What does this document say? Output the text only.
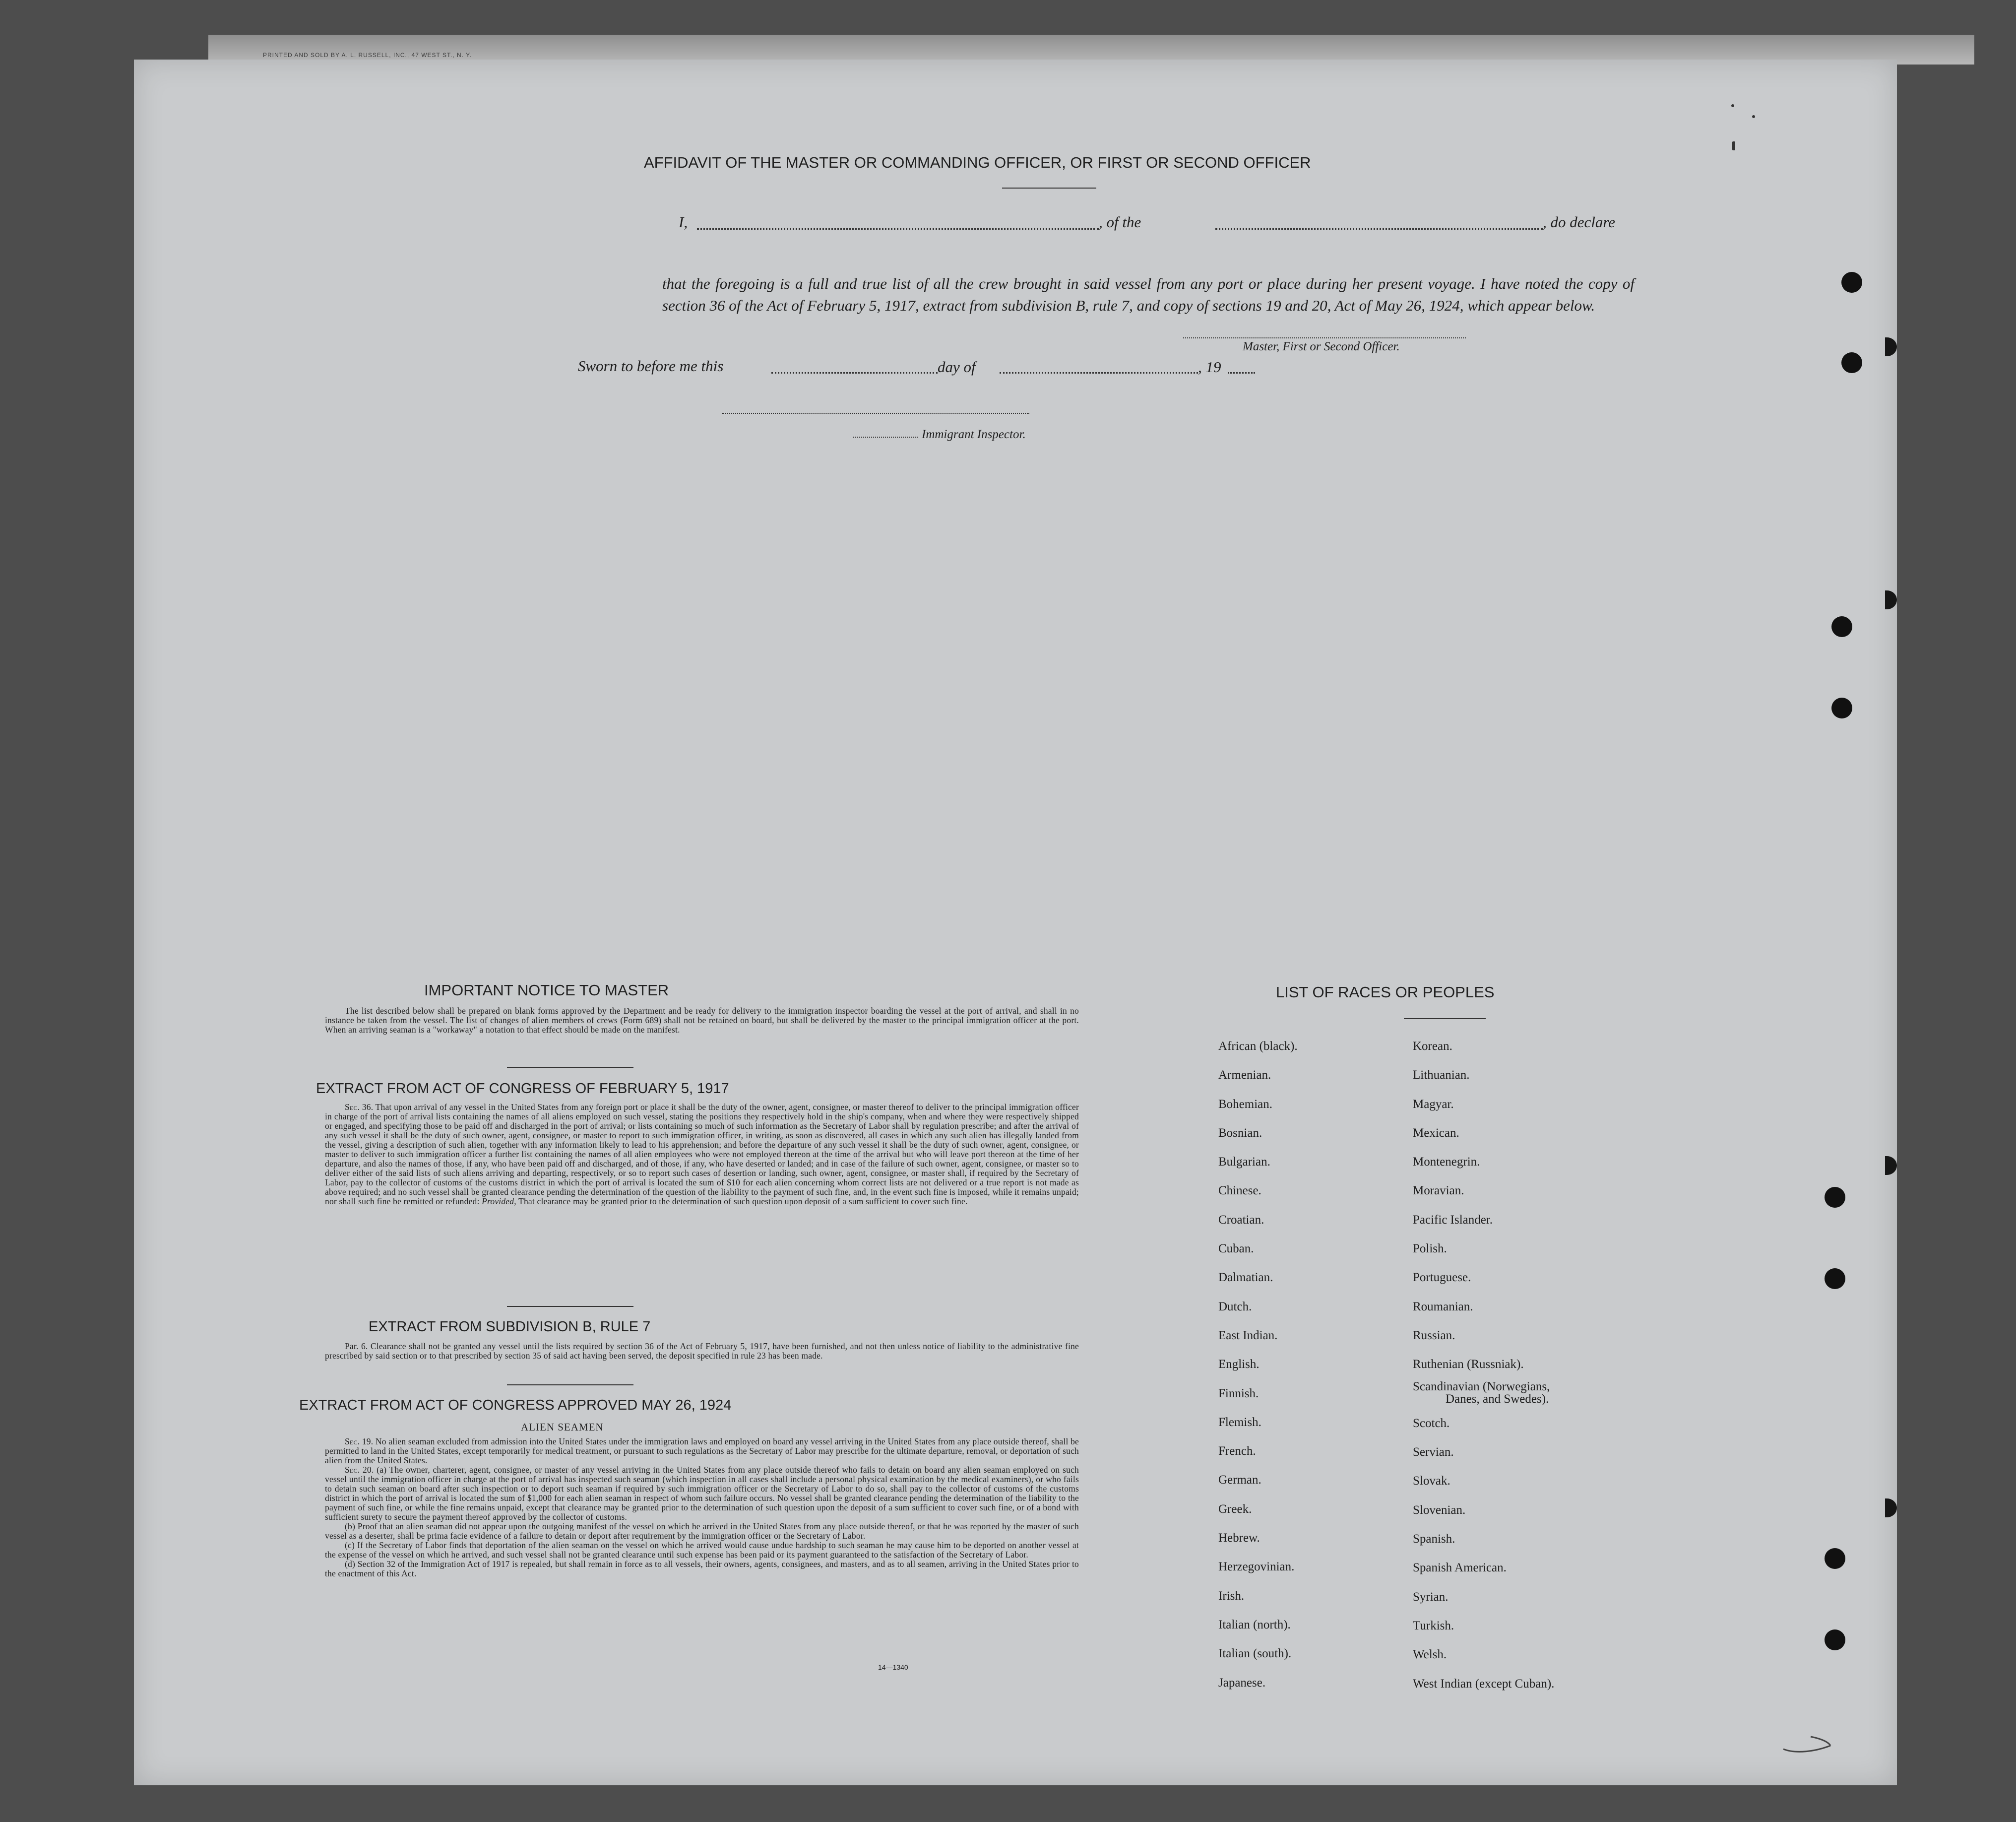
PRINTED AND SOLD BY A. L. RUSSELL, INC., 47 WEST ST., N. Y.
AFFIDAVIT OF THE MASTER OR COMMANDING OFFICER, OR FIRST OR SECOND OFFICER
I,	, of the	, do declare
that the foregoing is a full and true list of all the crew brought in said vessel from any port or place during her present voyage. I have noted the copy of section 36 of the Act of February 5, 1917, extract from subdivision B, rule 7, and copy of sections 19 and 20, Act of May 26, 1924, which appear below.
Master, First or Second Officer.
Sworn to before me this	day of	, 19
Immigrant Inspector.
IMPORTANT NOTICE TO MASTER

The list described below shall be prepared on blank forms approved by the Department and be ready for delivery to the immigration inspector boarding the vessel at the port of arrival, and shall in no instance be taken from the vessel. The list of changes of alien members of crews (Form 689) shall not be retained on board, but shall be delivered by the master to the principal immigration officer at the port. When an arriving seaman is a "workaway" a notation to that effect should be made on the manifest.

EXTRACT FROM ACT OF CONGRESS OF FEBRUARY 5, 1917

Sec. 36. That upon arrival of any vessel in the United States from any foreign port or place it shall be the duty of the owner, agent, consignee, or master thereof to deliver to the principal immigration officer in charge of the port of arrival lists containing the names of all aliens employed on such vessel, stating the positions they respectively hold in the ship's company, when and where they were respectively shipped or engaged, and specifying those to be paid off and discharged in the port of arrival; or lists containing so much of such information as the Secretary of Labor shall by regulation prescribe; and after the arrival of any such vessel it shall be the duty of such owner, agent, consignee, or master to report to such immigration officer, in writing, as soon as discovered, all cases in which any such alien has illegally landed from the vessel, giving a description of such alien, together with any information likely to lead to his apprehension; and before the departure of any such vessel it shall be the duty of such owner, agent, consignee, or master to deliver to such immigration officer a further list containing the names of all alien employees who were not employed thereon at the time of the arrival but who will leave port thereon at the time of her departure, and also the names of those, if any, who have been paid off and discharged, and of those, if any, who have deserted or landed; and in case of the failure of such owner, agent, consignee, or master so to deliver either of the said lists of such aliens arriving and departing, respectively, or so to report such cases of desertion or landing, such owner, agent, consignee, or master shall, if required by the Secretary of Labor, pay to the collector of customs of the customs district in which the port of arrival is located the sum of $10 for each alien concerning whom correct lists are not delivered or a true report is not made as above required; and no such vessel shall be granted clearance pending the determination of the question of the liability to the payment of such fine, and, in the event such fine is imposed, while it remains unpaid; nor shall such fine be remitted or refunded: Provided, That clearance may be granted prior to the determination of such question upon deposit of a sum sufficient to cover such fine.

EXTRACT FROM SUBDIVISION B, RULE 7

Par. 6. Clearance shall not be granted any vessel until the lists required by section 36 of the Act of February 5, 1917, have been furnished, and not then unless notice of liability to the administrative fine prescribed by said section or to that prescribed by section 35 of said act having been served, the deposit specified in rule 23 has been made.

EXTRACT FROM ACT OF CONGRESS APPROVED MAY 26, 1924
ALIEN SEAMEN

Sec. 19. No alien seaman excluded from admission into the United States under the immigration laws and employed on board any vessel arriving in the United States from any place outside thereof, shall be permitted to land in the United States, except temporarily for medical treatment, or pursuant to such regulations as the Secretary of Labor may prescribe for the ultimate departure, removal, or deportation of such alien from the United States.

Sec. 20. (a) The owner, charterer, agent, consignee, or master of any vessel arriving in the United States from any place outside thereof who fails to detain on board any alien seaman employed on such vessel until the immigration officer in charge at the port of arrival has inspected such seaman (which inspection in all cases shall include a personal physical examination by the medical examiners), or who fails to detain such seaman on board after such inspection or to deport such seaman if required by such immigration officer or the Secretary of Labor to do so, shall pay to the collector of customs of the customs district in which the port of arrival is located the sum of $1,000 for each alien seaman in respect of whom such failure occurs. No vessel shall be granted clearance pending the determination of the liability to the payment of such fine, or while the fine remains unpaid, except that clearance may be granted prior to the determination of such question upon the deposit of a sum sufficient to cover such fine, or of a bond with sufficient surety to secure the payment thereof approved by the collector of customs.

(b) Proof that an alien seaman did not appear upon the outgoing manifest of the vessel on which he arrived in the United States from any place outside thereof, or that he was reported by the master of such vessel as a deserter, shall be prima facie evidence of a failure to detain or deport after requirement by the immigration officer or the Secretary of Labor.

(c) If the Secretary of Labor finds that deportation of the alien seaman on the vessel on which he arrived would cause undue hardship to such seaman he may cause him to be deported on another vessel at the expense of the vessel on which he arrived, and such vessel shall not be granted clearance until such expense has been paid or its payment guaranteed to the satisfaction of the Secretary of Labor.

(d) Section 32 of the Immigration Act of 1917 is repealed, but shall remain in force as to all vessels, their owners, agents, consignees, and masters, and as to all seamen, arriving in the United States prior to the enactment of this Act.

14—1340
LIST OF RACES OR PEOPLES
African (black).
Armenian.
Bohemian.
Bosnian.
Bulgarian.
Chinese.
Croatian.
Cuban.
Dalmatian.
Dutch.
East Indian.
English.
Finnish.
Flemish.
French.
German.
Greek.
Hebrew.
Herzegovinian.
Irish.
Italian (north).
Italian (south).
Japanese.
Korean.
Lithuanian.
Magyar.
Mexican.
Montenegrin.
Moravian.
Pacific Islander.
Polish.
Portuguese.
Roumanian.
Russian.
Ruthenian (Russniak).
Scandinavian (Norwegians,
Danes, and Swedes).
Scotch.
Servian.
Slovak.
Slovenian.
Spanish.
Spanish American.
Syrian.
Turkish.
Welsh.
West Indian (except Cuban).
